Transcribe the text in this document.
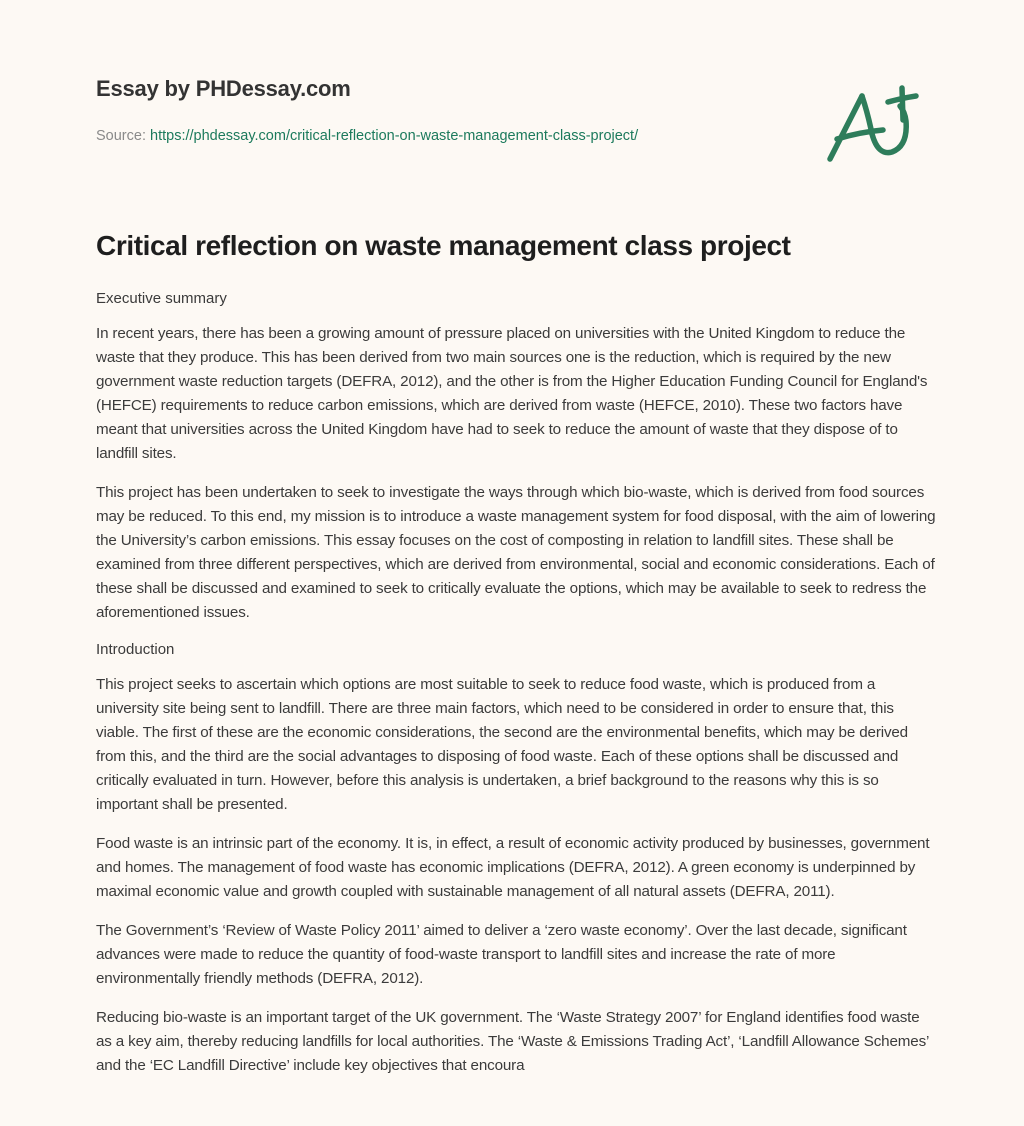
Essay by PHDessay.com
Source: https://phdessay.com/critical-reflection-on-waste-management-class-project/
Critical reflection on waste management class project

Executive summary

In recent years, there has been a growing amount of pressure placed on universities with the United Kingdom to reduce the waste that they produce. This has been derived from two main sources one is the reduction, which is required by the new government waste reduction targets (DEFRA, 2012), and the other is from the Higher Education Funding Council for England's (HEFCE) requirements to reduce carbon emissions, which are derived from waste (HEFCE, 2010). These two factors have meant that universities across the United Kingdom have had to seek to reduce the amount of waste that they dispose of to landfill sites.

This project has been undertaken to seek to investigate the ways through which bio-waste, which is derived from food sources may be reduced. To this end, my mission is to introduce a waste management system for food disposal, with the aim of lowering the University’s carbon emissions. This essay focuses on the cost of composting in relation to landfill sites. These shall be examined from three different perspectives, which are derived from environmental, social and economic considerations. Each of these shall be discussed and examined to seek to critically evaluate the options, which may be available to seek to redress the aforementioned issues.

Introduction

This project seeks to ascertain which options are most suitable to seek to reduce food waste, which is produced from a university site being sent to landfill. There are three main factors, which need to be considered in order to ensure that, this viable. The first of these are the economic considerations, the second are the environmental benefits, which may be derived from this, and the third are the social advantages to disposing of food waste. Each of these options shall be discussed and critically evaluated in turn. However, before this analysis is undertaken, a brief background to the reasons why this is so important shall be presented.

Food waste is an intrinsic part of the economy. It is, in effect, a result of economic activity produced by businesses, government and homes. The management of food waste has economic implications (DEFRA, 2012). A green economy is underpinned by maximal economic value and growth coupled with sustainable management of all natural assets (DEFRA, 2011).

The Government’s ‘Review of Waste Policy 2011’ aimed to deliver a ‘zero waste economy’. Over the last decade, significant advances were made to reduce the quantity of food-waste transport to landfill sites and increase the rate of more environmentally friendly methods (DEFRA, 2012).

Reducing bio-waste is an important target of the UK government. The ‘Waste Strategy 2007’ for England identifies food waste as a key aim, thereby reducing landfills for local authorities. The ‘Waste & Emissions Trading Act’, ‘Landfill Allowance Schemes’ and the ‘EC Landfill Directive’ include key objectives that encoura
